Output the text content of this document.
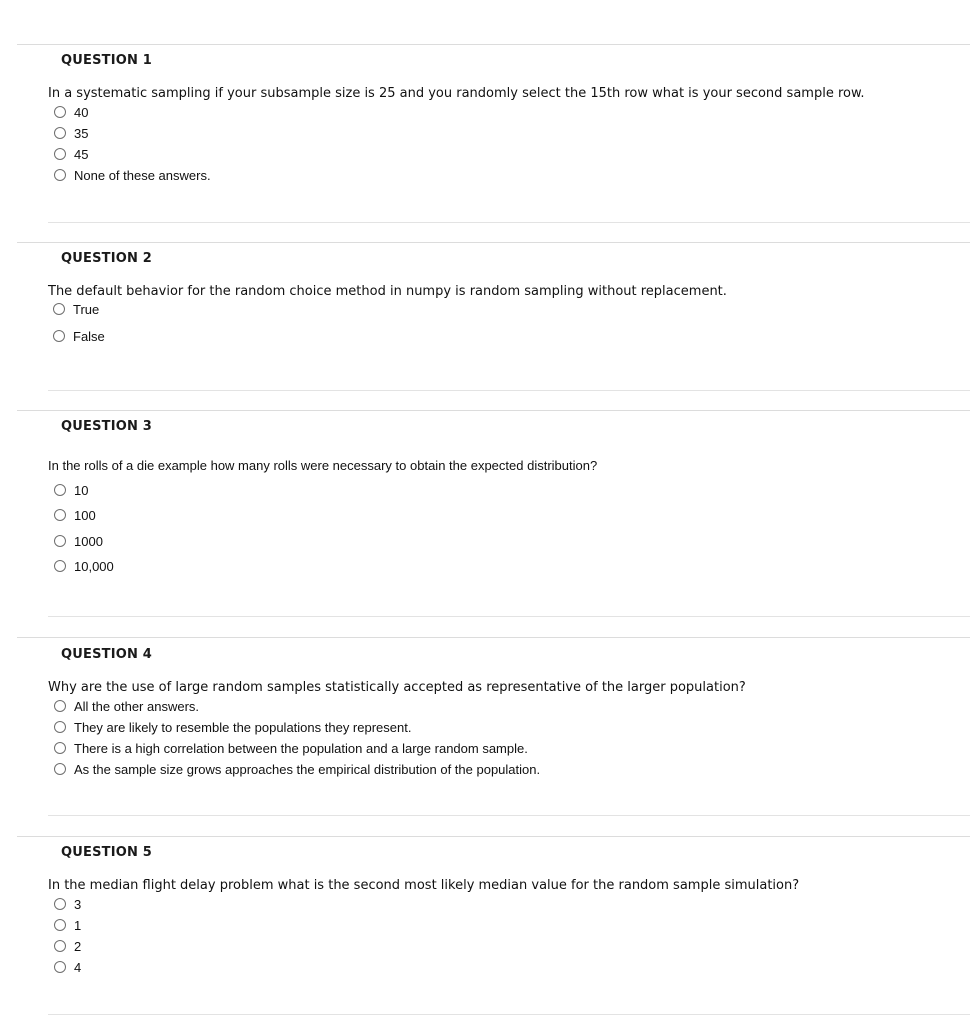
QUESTION 1
In a systematic sampling if your subsample size is 25 and you randomly select the 15th row what is your second sample row.
40
35
45
None of these answers.
QUESTION 2
The default behavior for the random choice method in numpy is random sampling without replacement.
True
False
QUESTION 3
In the rolls of a die example how many rolls were necessary to obtain the expected distribution?
10
100
1000
10,000
QUESTION 4
Why are the use of large random samples statistically accepted as representative of the larger population?
All the other answers.
They are likely to resemble the populations they represent.
There is a high correlation between the population and a large random sample.
As the sample size grows approaches the empirical distribution of the population.
QUESTION 5
In the median flight delay problem what is the second most likely median value for the random sample simulation?
3
1
2
4
